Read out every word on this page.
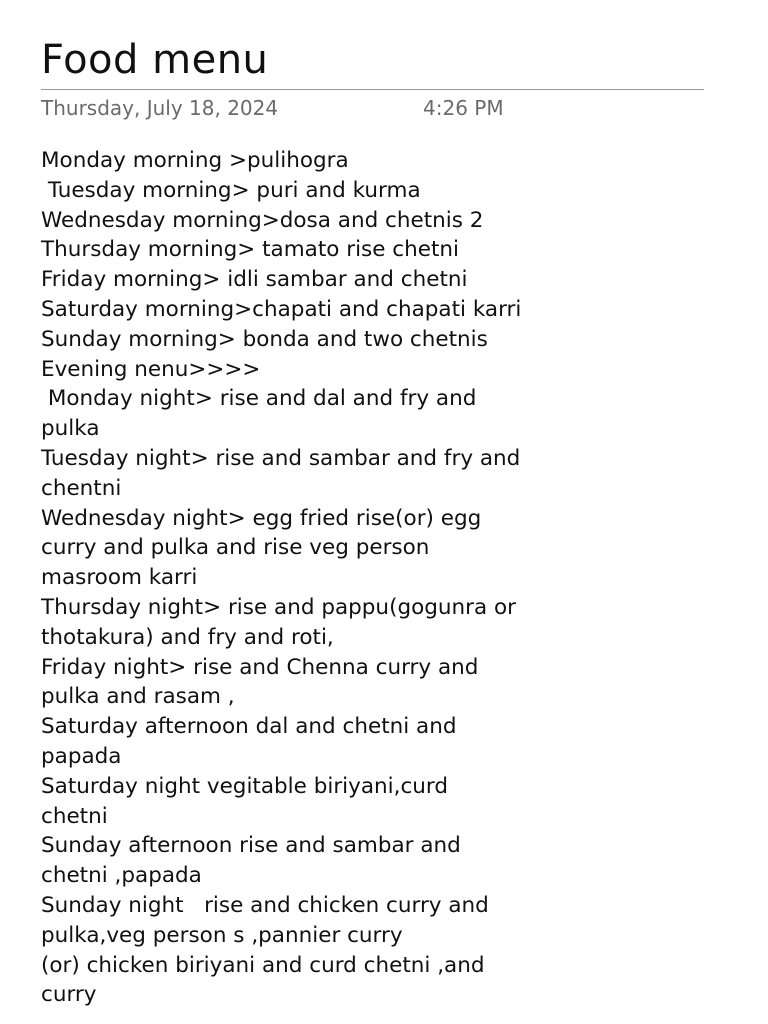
Food menu
Thursday, July 18, 2024	4:26 PM
Monday morning >pulihogra
Tuesday morning> puri and kurma
Wednesday morning>dosa and chetnis 2
Thursday morning> tamato rise chetni
Friday morning> idli sambar and chetni
Saturday morning>chapati and chapati karri
Sunday morning> bonda and two chetnis
Evening nenu>>>>
Monday night> rise and dal and fry and
pulka
Tuesday night> rise and sambar and fry and
chentni
Wednesday night> egg fried rise(or) egg
curry and pulka and rise veg person
masroom karri
Thursday night> rise and pappu(gogunra or
thotakura) and fry and roti,
Friday night> rise and Chenna curry and
pulka and rasam ,
Saturday afternoon dal and chetni and
papada
Saturday night vegitable biriyani,curd
chetni
Sunday afternoon rise and sambar and
chetni ,papada
Sunday night   rise and chicken curry and
pulka,veg person s ,pannier curry
(or) chicken biriyani and curd chetni ,and
curry
